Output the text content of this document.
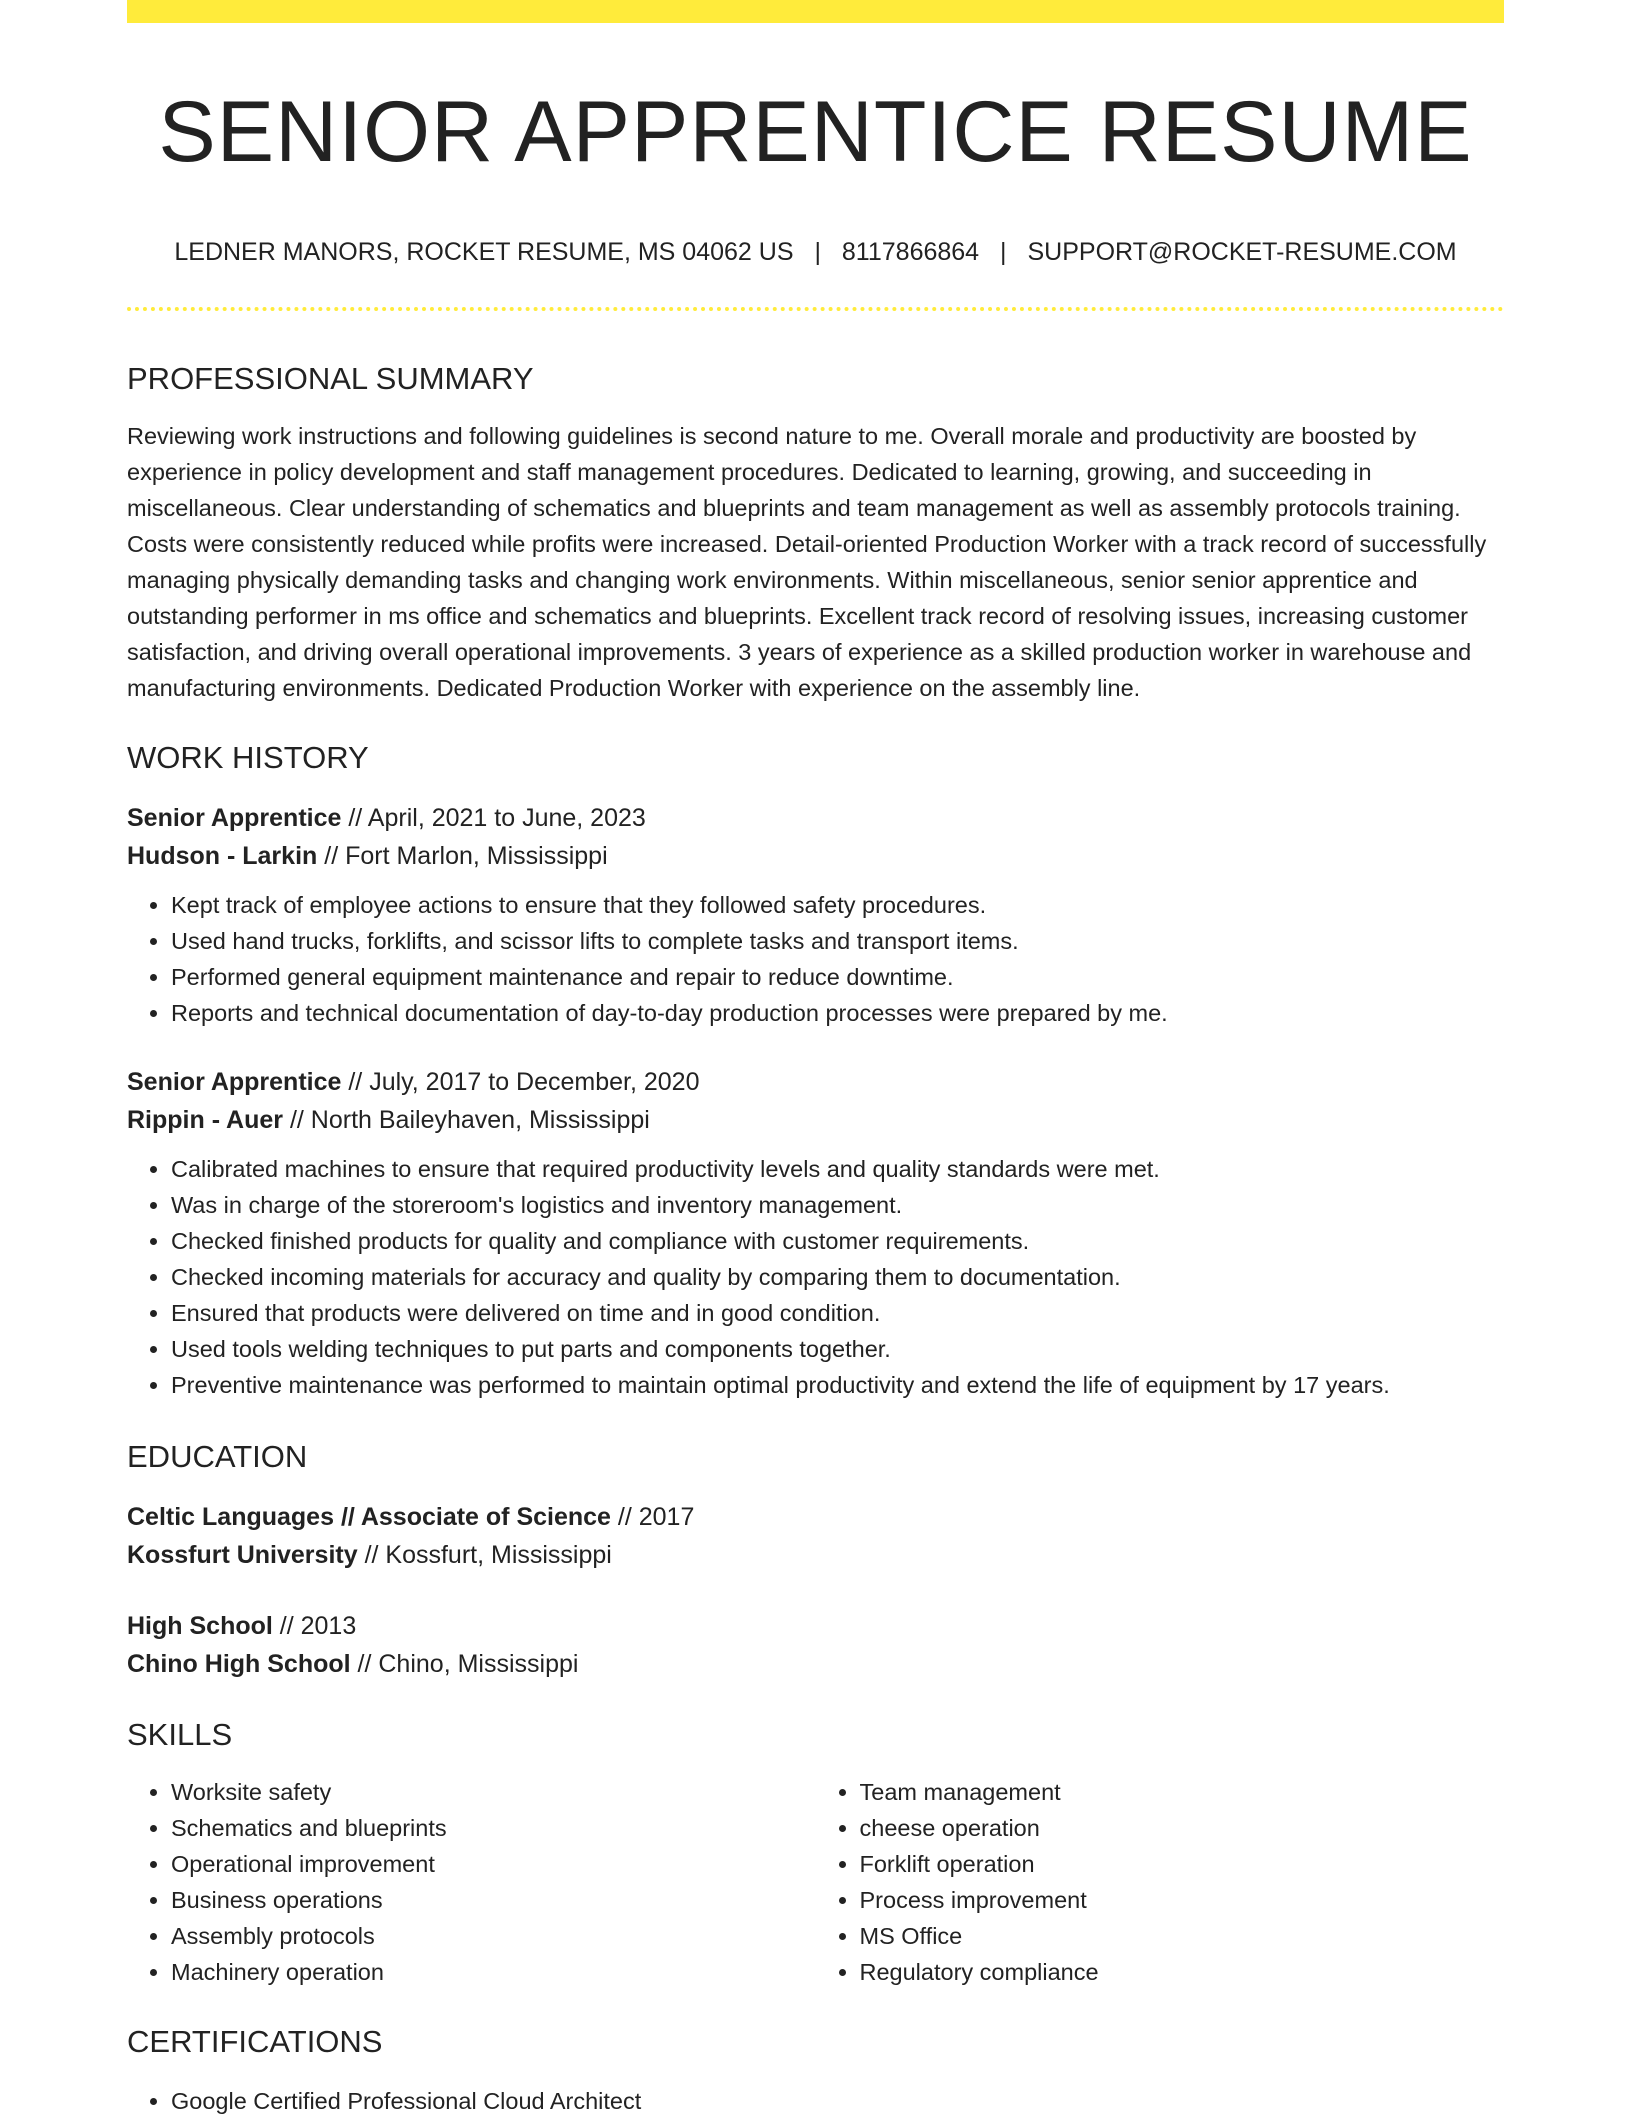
SENIOR APPRENTICE RESUME
LEDNER MANORS, ROCKET RESUME, MS 04062 US | 8117866864 | SUPPORT@ROCKET-RESUME.COM
PROFESSIONAL SUMMARY

Reviewing work instructions and following guidelines is second nature to me. Overall morale and productivity are boosted by experience in policy development and staff management procedures. Dedicated to learning, growing, and succeeding in miscellaneous. Clear understanding of schematics and blueprints and team management as well as assembly protocols training. Costs were consistently reduced while profits were increased. Detail-oriented Production Worker with a track record of successfully managing physically demanding tasks and changing work environments. Within miscellaneous, senior senior apprentice and outstanding performer in ms office and schematics and blueprints. Excellent track record of resolving issues, increasing customer satisfaction, and driving overall operational improvements. 3 years of experience as a skilled production worker in warehouse and manufacturing environments. Dedicated Production Worker with experience on the assembly line.

WORK HISTORY

Senior Apprentice // April, 2021 to June, 2023

Hudson - Larkin // Fort Marlon, Mississippi

• Kept track of employee actions to ensure that they followed safety procedures.
• Used hand trucks, forklifts, and scissor lifts to complete tasks and transport items.
• Performed general equipment maintenance and repair to reduce downtime.
• Reports and technical documentation of day-to-day production processes were prepared by me.

Senior Apprentice // July, 2017 to December, 2020

Rippin - Auer // North Baileyhaven, Mississippi

• Calibrated machines to ensure that required productivity levels and quality standards were met.
• Was in charge of the storeroom's logistics and inventory management.
• Checked finished products for quality and compliance with customer requirements.
• Checked incoming materials for accuracy and quality by comparing them to documentation.
• Ensured that products were delivered on time and in good condition.
• Used tools welding techniques to put parts and components together.
• Preventive maintenance was performed to maintain optimal productivity and extend the life of equipment by 17 years.
EDUCATION

Celtic Languages // Associate of Science // 2017

Kossfurt University // Kossfurt, Mississippi

High School // 2013

Chino High School // Chino, Mississippi

SKILLS
• Worksite safety
• Schematics and blueprints
• Operational improvement
• Business operations
• Assembly protocols
• Machinery operation
• Team management
• cheese operation
• Forklift operation
• Process improvement
• MS Office
• Regulatory compliance
CERTIFICATIONS
• Google Certified Professional Cloud Architect
